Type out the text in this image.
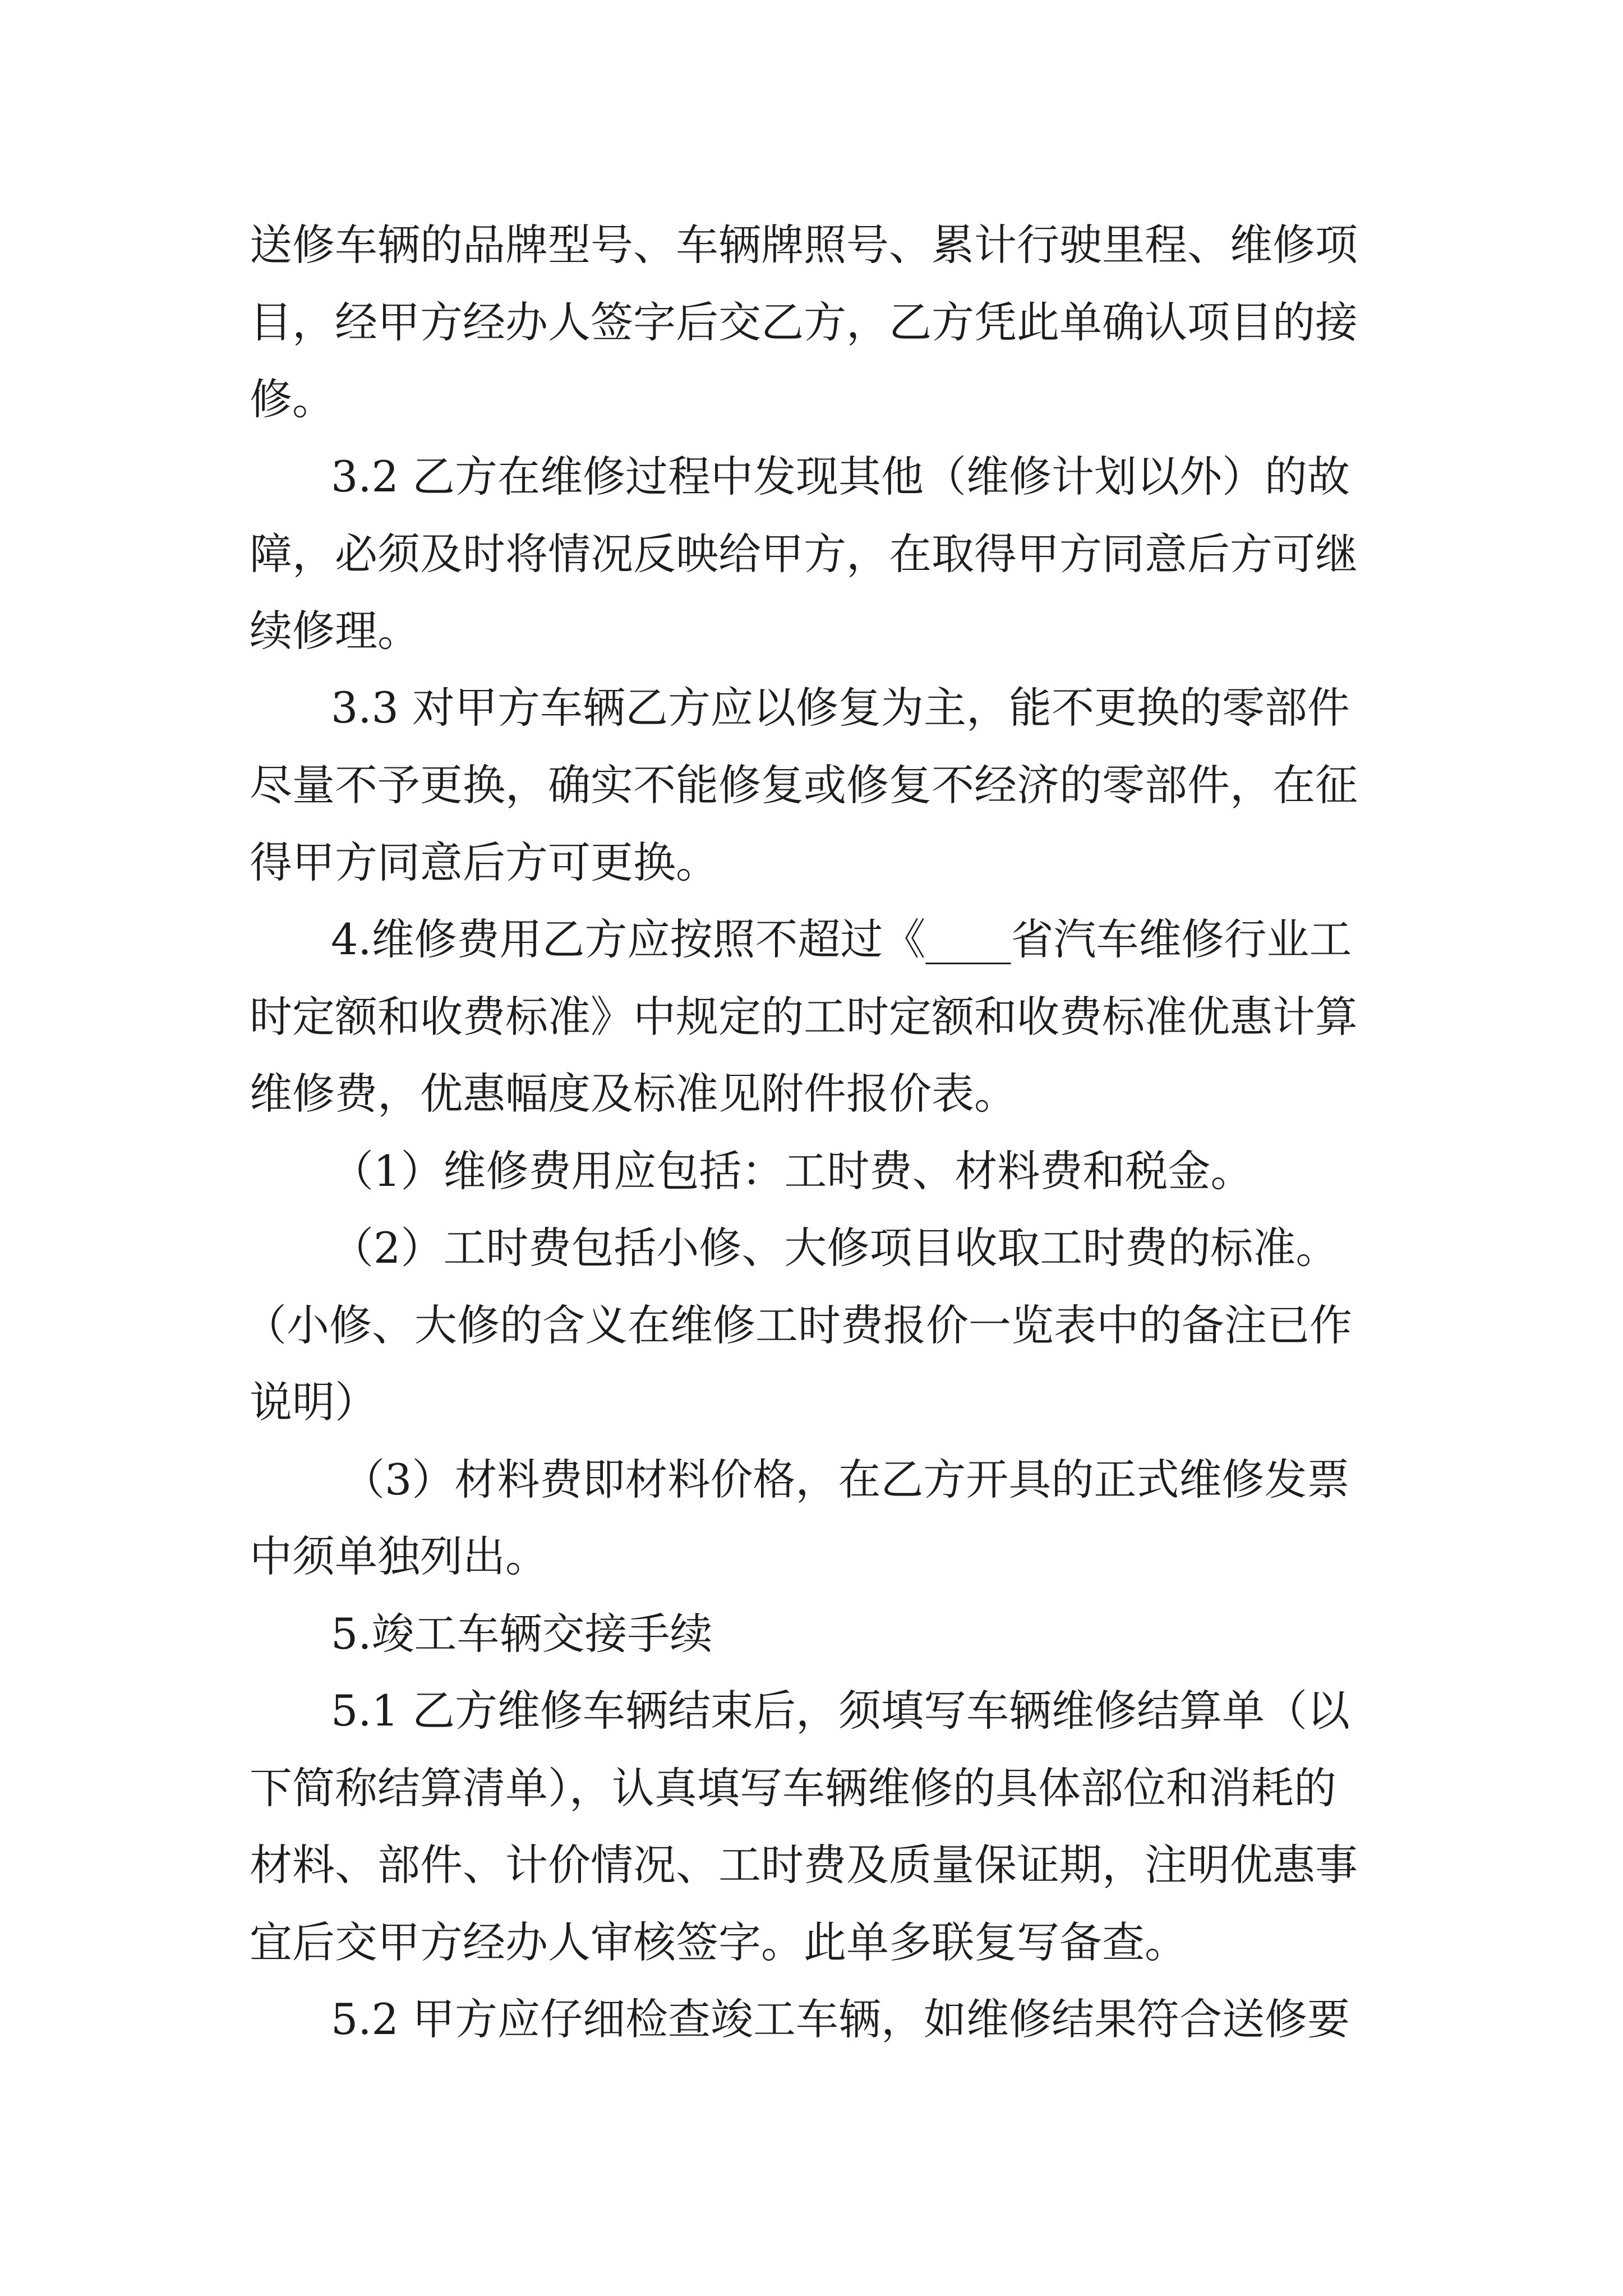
送修车辆的品牌型号、车辆牌照号、累计行驶里程、维修项

目，经甲方经办人签字后交乙方，乙方凭此单确认项目的接

修。

3.2 乙方在维修过程中发现其他（维修计划以外）的故

障，必须及时将情况反映给甲方，在取得甲方同意后方可继

续修理。

3.3 对甲方车辆乙方应以修复为主，能不更换的零部件

尽量不予更换，确实不能修复或修复不经济的零部件，在征

得甲方同意后方可更换。

4.维修费用乙方应按照不超过《____省汽车维修行业工

时定额和收费标准》中规定的工时定额和收费标准优惠计算

维修费，优惠幅度及标准见附件报价表。

（1）维修费用应包括：工时费、材料费和税金。

（2）工时费包括小修、大修项目收取工时费的标准。

（小修、大修的含义在维修工时费报价一览表中的备注已作

说明）

（3）材料费即材料价格，在乙方开具的正式维修发票

中须单独列出。

5.竣工车辆交接手续

5.1 乙方维修车辆结束后，须填写车辆维修结算单（以

下简称结算清单），认真填写车辆维修的具体部位和消耗的

材料、部件、计价情况、工时费及质量保证期，注明优惠事

宜后交甲方经办人审核签字。此单多联复写备查。

5.2 甲方应仔细检查竣工车辆，如维修结果符合送修要
